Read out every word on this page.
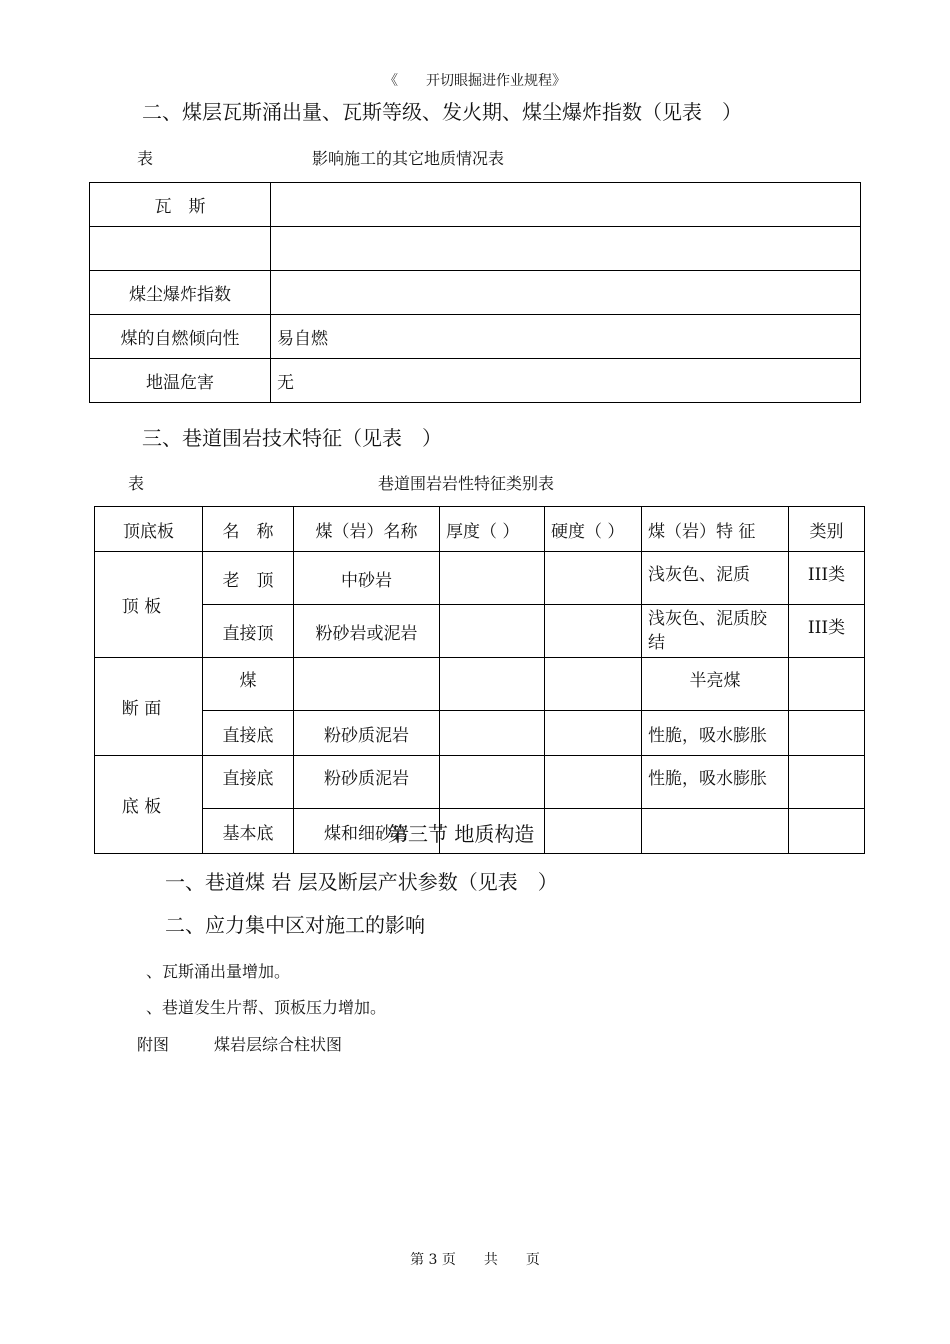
《　　开切眼掘进作业规程》
二、煤层瓦斯涌出量、瓦斯等级、发火期、煤尘爆炸指数（见表　）
表	影响施工的其它地质情况表
瓦　斯	

煤尘爆炸指数	
煤的自燃倾向性	易自燃
地温危害	无
三、巷道围岩技术特征（见表　）
表	巷道围岩岩性特征类别表
顶底板	名　称	煤（岩）名称	厚度（ ）	硬度（ ）	煤（岩）特 征	类别
顶 板	老　顶	中砂岩			浅灰色、泥质	III类
	直接顶	粉砂岩或泥岩			浅灰色、泥质胶结	III类
断 面	煤				半亮煤	
	直接底	粉砂质泥岩			性脆，吸水膨胀	
底 板	直接底	粉砂质泥岩			性脆，吸水膨胀	
	基本底	煤和细砂岩				
第三节 地质构造
一、巷道煤 岩 层及断层产状参数（见表　）
二、应力集中区对施工的影响
、瓦斯涌出量增加。
、巷道发生片帮、顶板压力增加。
附图	煤岩层综合柱状图
第 3 页　　共　　页
